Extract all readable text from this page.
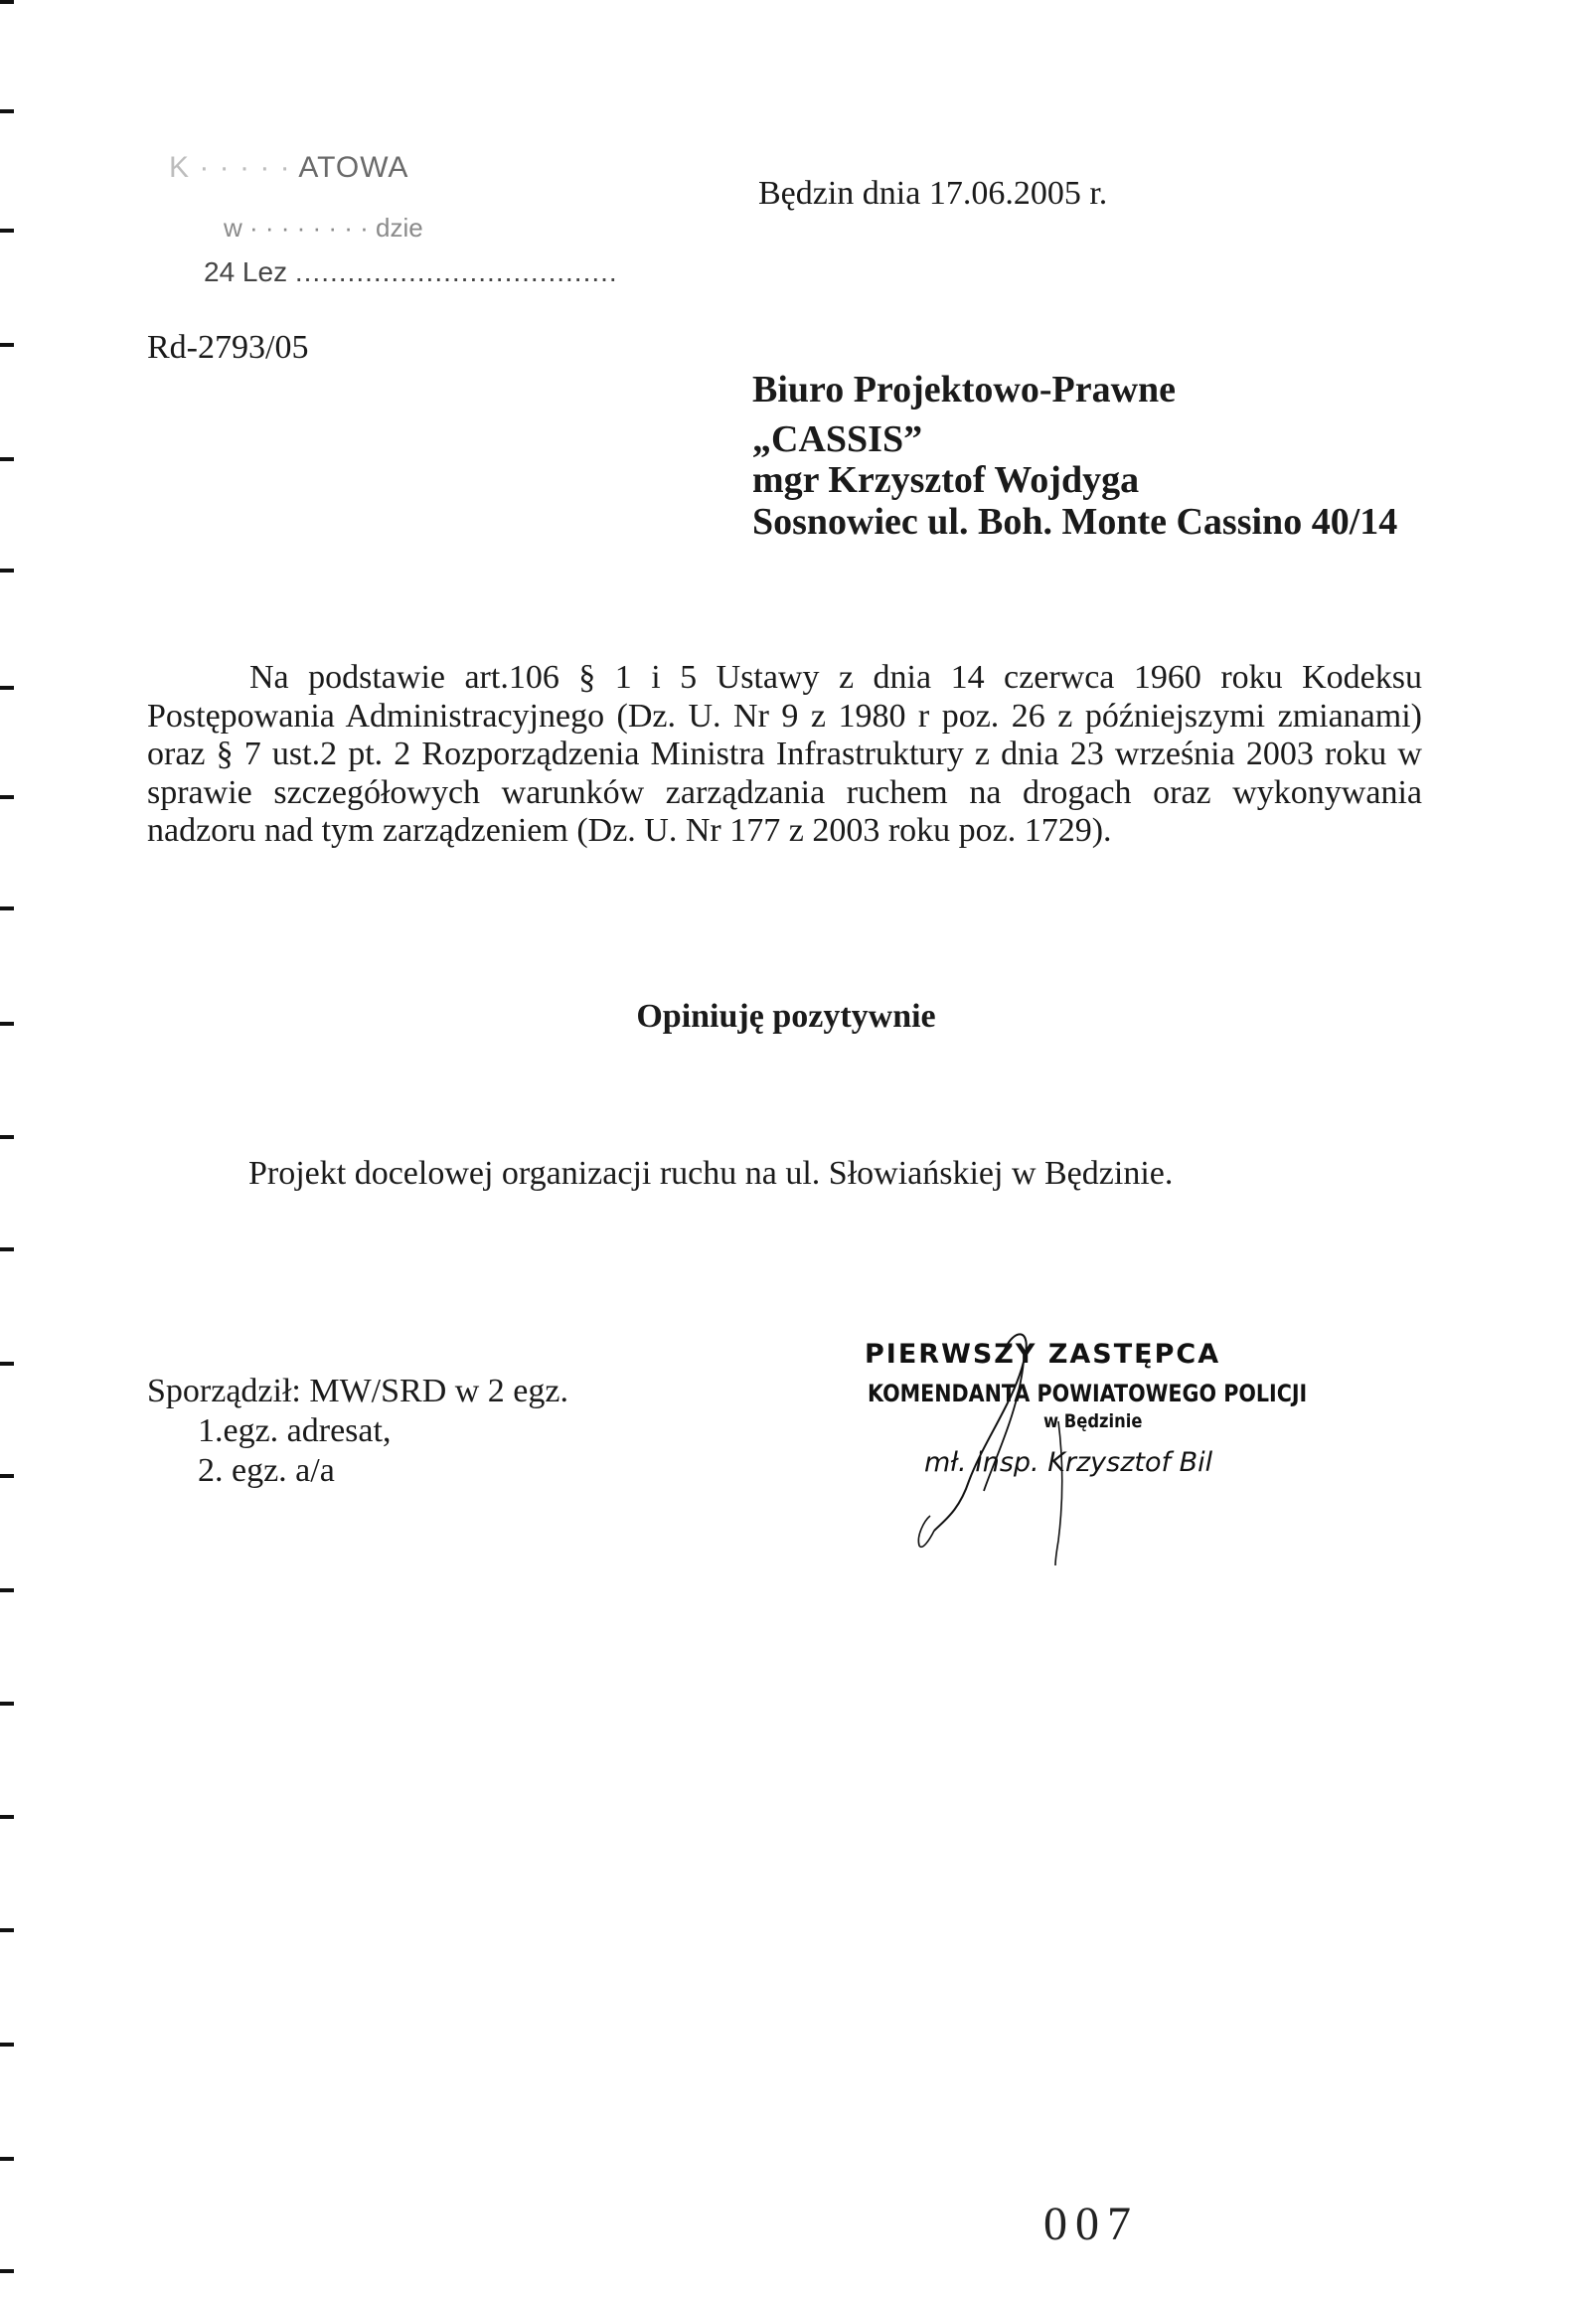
K · · · · · ATOWA
w · · · · · · · · dzie
24 Lez .....................................
Będzin dnia 17.06.2005 r.
Rd-2793/05
Biuro Projektowo-Prawne
„CASSIS”
mgr Krzysztof Wojdyga
Sosnowiec ul. Boh. Monte Cassino 40/14

Na podstawie art.106 § 1 i 5 Ustawy z dnia 14 czerwca 1960 roku Kodeksu Postępowania Administracyjnego (Dz. U. Nr 9 z 1980 r poz. 26 z późniejszymi zmianami) oraz § 7 ust.2 pt. 2 Rozporządzenia Ministra Infrastruktury z dnia 23 września 2003 roku w sprawie szczegółowych warunków zarządzania ruchem na drogach oraz wykonywania nadzoru nad tym zarządzeniem (Dz. U. Nr 177 z 2003 roku poz. 1729).

Opiniuję pozytywnie
Projekt docelowej organizacji ruchu na ul. Słowiańskiej w Będzinie.
Sporządził: MW/SRD w 2 egz.
1.egz. adresat,
2. egz. a/a
PIERWSZY ZASTĘPCA
KOMENDANTA POWIATOWEGO POLICJI
w Będzinie
mł. insp. Krzysztof Bil
007
